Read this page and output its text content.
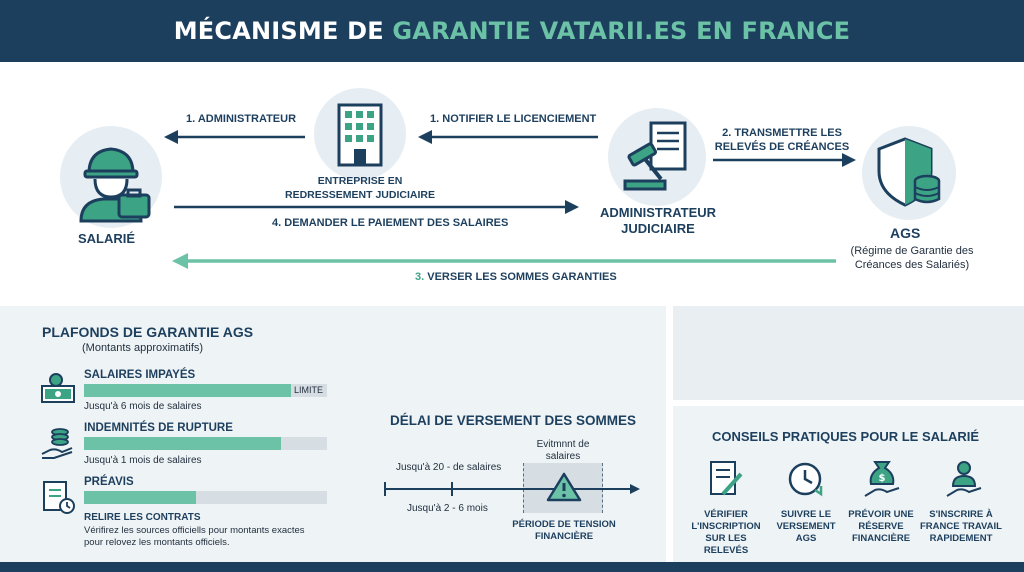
MÉCANISME DE GARANTIE VATARII.ES EN FRANCE
SALARIÉ
ENTREPRISE EN REDRESSEMENT JUDICIAIRE
ADMINISTRATEUR JUDICIAIRE	AGS
(Régime de Garantie des Créances des Salariés)
1. ADMINISTRATEUR	1. NOTIFIER LE LICENCIEMENT
2. TRANSMETTRE LES RELEVÉS DE CRÉANCES
4. DEMANDER LE PAIEMENT DES SALAIRES
3. VERSER LES SOMMES GARANTIES
PLAFONDS DE GARANTIE AGS
(Montants approximatifs)
SALAIRES IMPAYÉS
LIMITE
Jusqu'à 6 mois de salaires
INDEMNITÉS DE RUPTURE
Jusqu'à 1 mois de salaires
PRÉAVIS
RELIRE LES CONTRATS
Vérifirez les sources officiells pour montants exactes pour relovez les montants officiels.
DÉLAI DE VERSEMENT DES SOMMES
Jusqu'à 20 - de salaires
Jusqu'à 2 - 6 mois
Evitmnnt de salaires
PÉRIODE DE TENSION FINANCIÈRE
CONSEILS PRATIQUES POUR LE SALARIÉ
$
VÉRIFIER L'INSCRIPTION SUR LES RELEVÉS
SUIVRE LE VERSEMENT AGS
PRÉVOIR UNE RÉSERVE FINANCIÈRE
S'INSCRIRE À FRANCE TRAVAIL RAPIDEMENT
